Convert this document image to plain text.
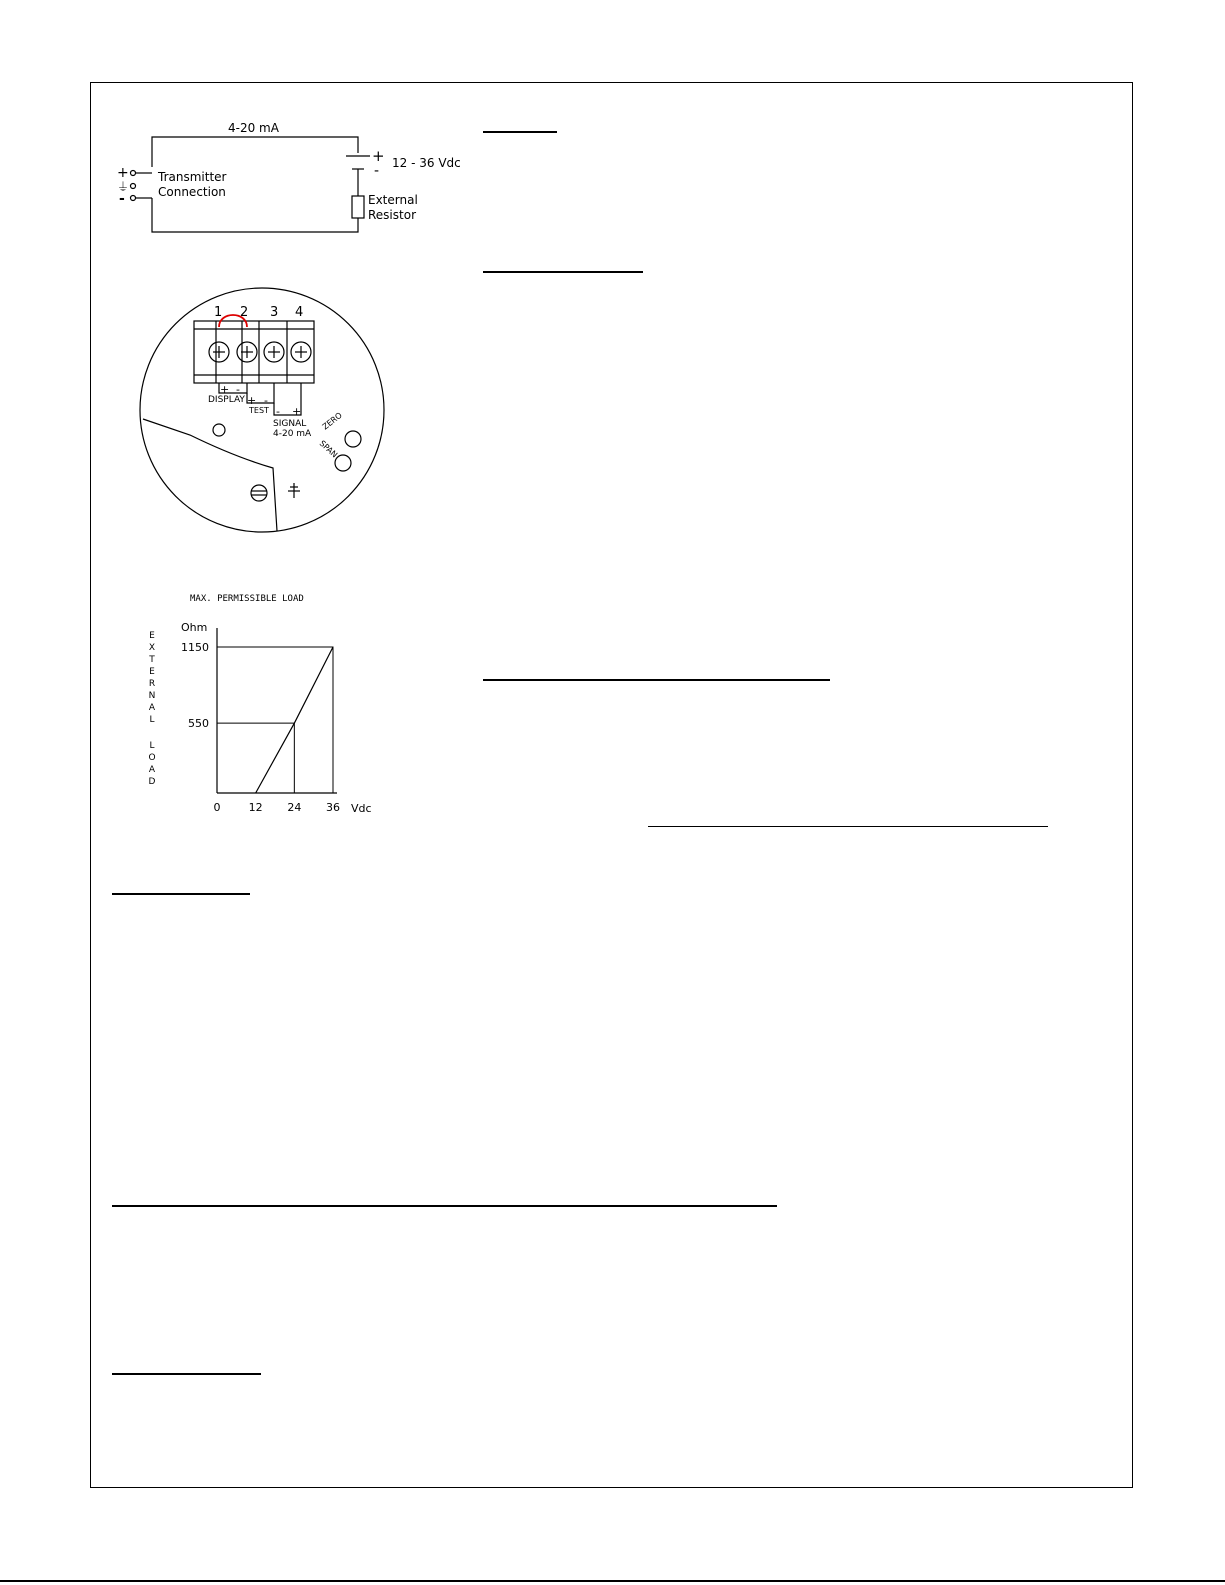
4-20 mA
12 - 36 Vdc
+
-
Transmitter
Connection
External
Resistor
+
⏚
-
1 2 3 4
+ -
DISPLAY + -
TEST - +
SIGNAL
4-20 mA
ZERO
SPAN
MAX. PERMISSIBLE LOAD
Ohm
Vdc
E
X
T
E
R
N
A
L
L
O
A
D
0	12 24 36
550
1150
